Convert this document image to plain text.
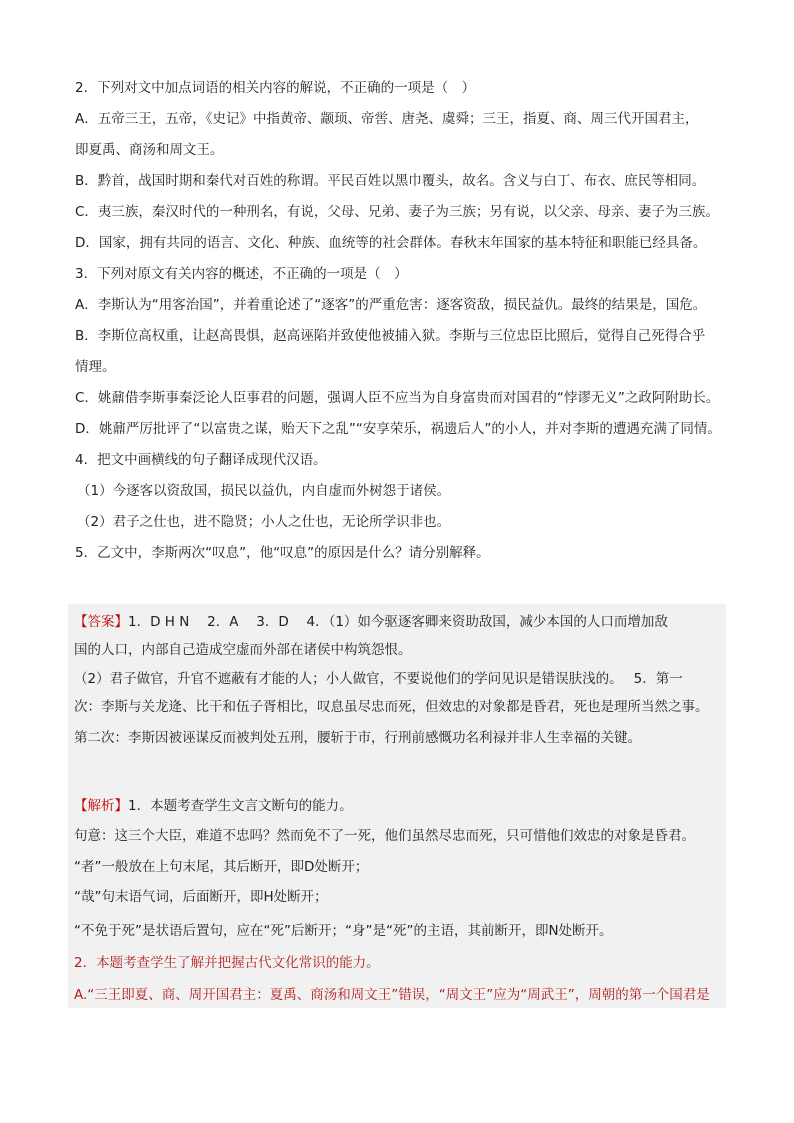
2．下列对文中加点词语的相关内容的解说，不正确的一项是（　）
A．五帝三王，五帝，《史记》中指黄帝、颛顼、帝喾、唐尧、虞舜；三王，指夏、商、周三代开国君主，
即夏禹、商汤和周文王。
B．黔首，战国时期和秦代对百姓的称谓。平民百姓以黑巾覆头，故名。含义与白丁、布衣、庶民等相同。
C．夷三族，秦汉时代的一种刑名，有说，父母、兄弟、妻子为三族；另有说，以父亲、母亲、妻子为三族。
D．国家，拥有共同的语言、文化、种族、血统等的社会群体。春秋末年国家的基本特征和职能已经具备。
3．下列对原文有关内容的概述，不正确的一项是（　）
A．李斯认为“用客治国”，并着重论述了“逐客”的严重危害：逐客资敌，损民益仇。最终的结果是，国危。
B．李斯位高权重，让赵高畏惧，赵高诬陷并致使他被捕入狱。李斯与三位忠臣比照后，觉得自己死得合乎
情理。
C．姚鼐借李斯事秦泛论人臣事君的问题，强调人臣不应当为自身富贵而对国君的“悖谬无义”之政阿附助长。
D．姚鼐严厉批评了“以富贵之谋，贻天下之乱”“安享荣乐，祸遗后人”的小人，并对李斯的遭遇充满了同情。
4．把文中画横线的句子翻译成现代汉语。
（1）今逐客以资敌国，损民以益仇，内自虚而外树怨于诸侯。
（2）君子之仕也，进不隐贤；小人之仕也，无论所学识非也。
5．乙文中，李斯两次“叹息”，他“叹息”的原因是什么？请分别解释。
【答案】1．D H N　 2．A　 3．D　 4．（1）如今驱逐客卿来资助敌国，减少本国的人口而增加敌
国的人口，内部自己造成空虚而外部在诸侯中构筑怨恨。
（2）君子做官，升官不遮蔽有才能的人；小人做官，不要说他们的学问见识是错误肤浅的。　 5．第一
次：李斯与关龙逄、比干和伍子胥相比，叹息虽尽忠而死，但效忠的对象都是昏君，死也是理所当然之事。
第二次：李斯因被诬谋反而被判处五刑，腰斩于市，行刑前感慨功名利禄并非人生幸福的关键。
【解析】1．本题考查学生文言文断句的能力。
句意：这三个大臣，难道不忠吗？然而免不了一死，他们虽然尽忠而死，只可惜他们效忠的对象是昏君。
“者”一般放在上句末尾，其后断开，即D处断开；
“哉”句末语气词，后面断开，即H处断开；
“不免于死”是状语后置句，应在“死”后断开；“身”是“死”的主语，其前断开，即N处断开。
2．本题考查学生了解并把握古代文化常识的能力。
A.“三王即夏、商、周开国君主：夏禹、商汤和周文王”错误，“周文王”应为“周武王”，周朝的第一个国君是
